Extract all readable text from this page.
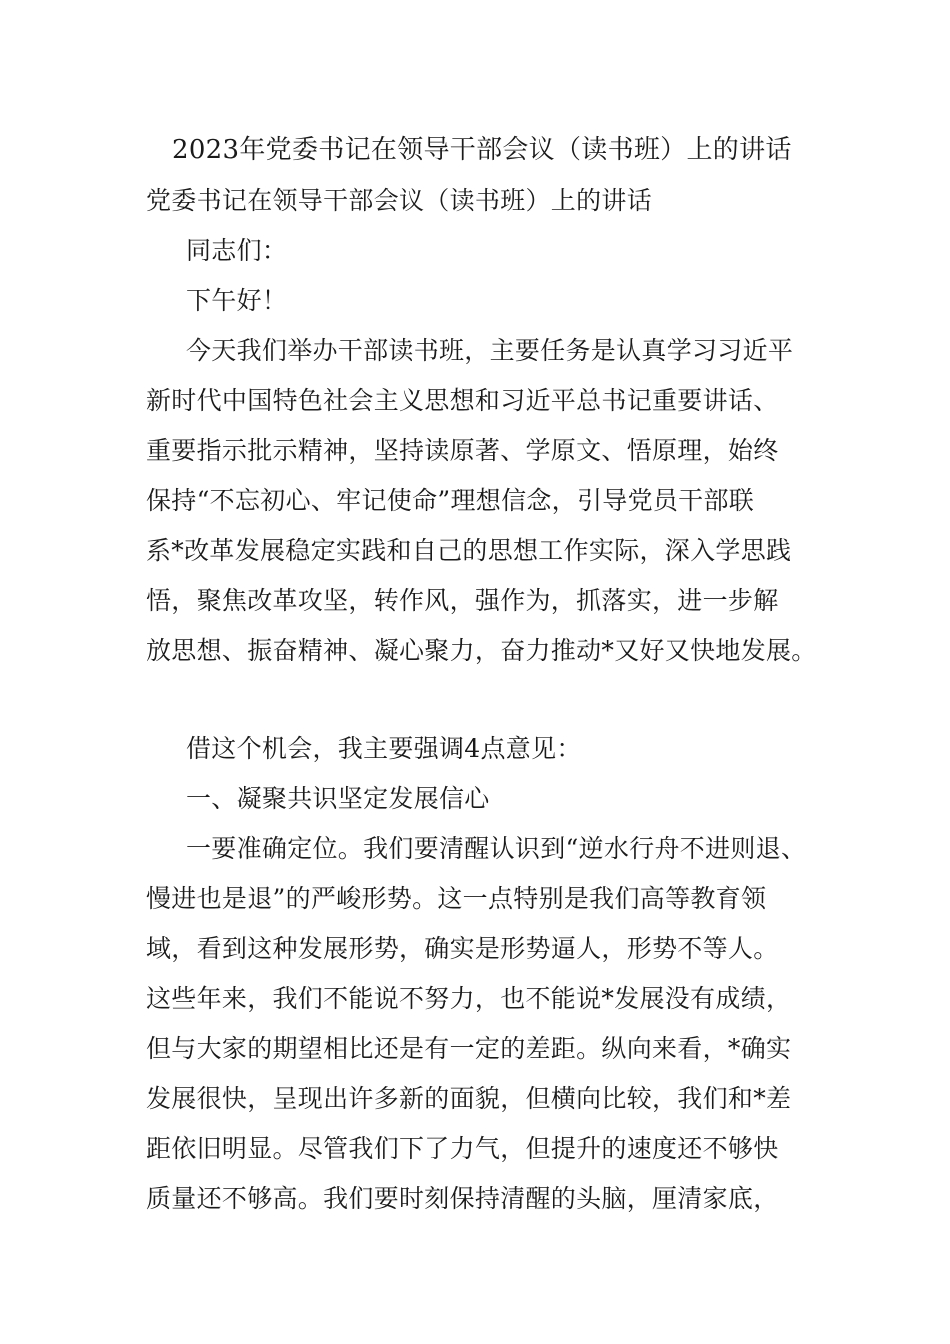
2023年党委书记在领导干部会议（读书班）上的讲话
党委书记在领导干部会议（读书班）上的讲话
同志们：
下午好！
今天我们举办干部读书班，主要任务是认真学习习近平
新时代中国特色社会主义思想和习近平总书记重要讲话、
重要指示批示精神，坚持读原著、学原文、悟原理，始终
保持“不忘初心、牢记使命”理想信念，引导党员干部联
系*改革发展稳定实践和自己的思想工作实际，深入学思践
悟，聚焦改革攻坚，转作风，强作为，抓落实，进一步解
放思想、振奋精神、凝心聚力，奋力推动*又好又快地发展。
借这个机会，我主要强调4点意见：
一、凝聚共识坚定发展信心
一要准确定位。我们要清醒认识到“逆水行舟不进则退、
慢进也是退”的严峻形势。这一点特别是我们高等教育领
域，看到这种发展形势，确实是形势逼人，形势不等人。
这些年来，我们不能说不努力，也不能说*发展没有成绩，
但与大家的期望相比还是有一定的差距。纵向来看，*确实
发展很快，呈现出许多新的面貌，但横向比较，我们和*差
距依旧明显。尽管我们下了力气，但提升的速度还不够快
质量还不够高。我们要时刻保持清醒的头脑，厘清家底，
